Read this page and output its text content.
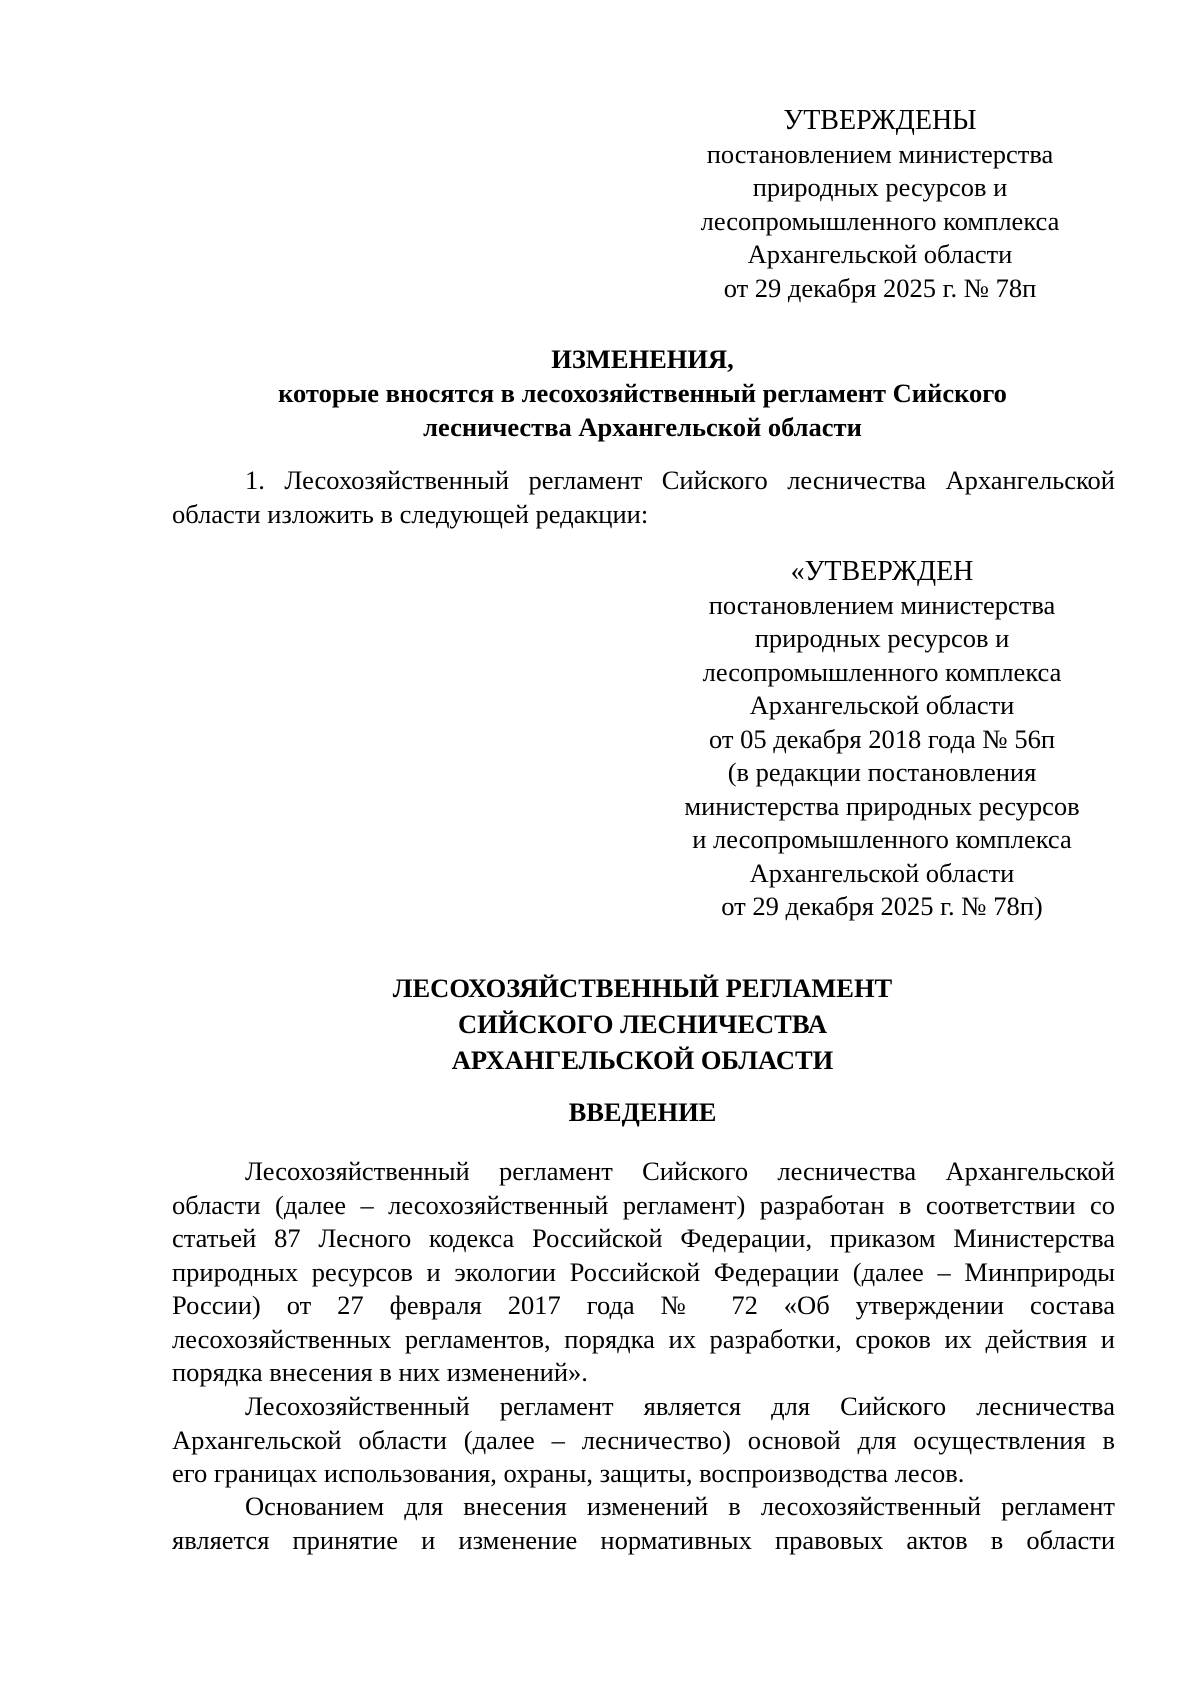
УТВЕРЖДЕНЫ
постановлением министерства
природных ресурсов и
лесопромышленного комплекса
Архангельской области
от 29 декабря 2025 г. № 78п
ИЗМЕНЕНИЯ,
которые вносятся в лесохозяйственный регламент Сийского
лесничества Архангельской области
1. Лесохозяйственный регламент Сийского лесничества Архангельской
области изложить в следующей редакции:
«УТВЕРЖДЕН
постановлением министерства
природных ресурсов и
лесопромышленного комплекса
Архангельской области
от 05 декабря 2018 года № 56п
(в редакции постановления
министерства природных ресурсов
и лесопромышленного комплекса
Архангельской области
от 29 декабря 2025 г. № 78п)
ЛЕСОХОЗЯЙСТВЕННЫЙ РЕГЛАМЕНТ
СИЙСКОГО ЛЕСНИЧЕСТВА
АРХАНГЕЛЬСКОЙ ОБЛАСТИ
ВВЕДЕНИЕ
Лесохозяйственный регламент Сийского лесничества Архангельской
области (далее – лесохозяйственный регламент) разработан в соответствии со
статьей 87 Лесного кодекса Российской Федерации, приказом Министерства
природных ресурсов и экологии Российской Федерации (далее – Минприроды
России) от 27 февраля 2017 года № 72 «Об утверждении состава
лесохозяйственных регламентов, порядка их разработки, сроков их действия и
порядка внесения в них изменений».
Лесохозяйственный регламент является для Сийского лесничества
Архангельской области (далее – лесничество) основой для осуществления в
его границах использования, охраны, защиты, воспроизводства лесов.
Основанием для внесения изменений в лесохозяйственный регламент
является принятие и изменение нормативных правовых актов в области
